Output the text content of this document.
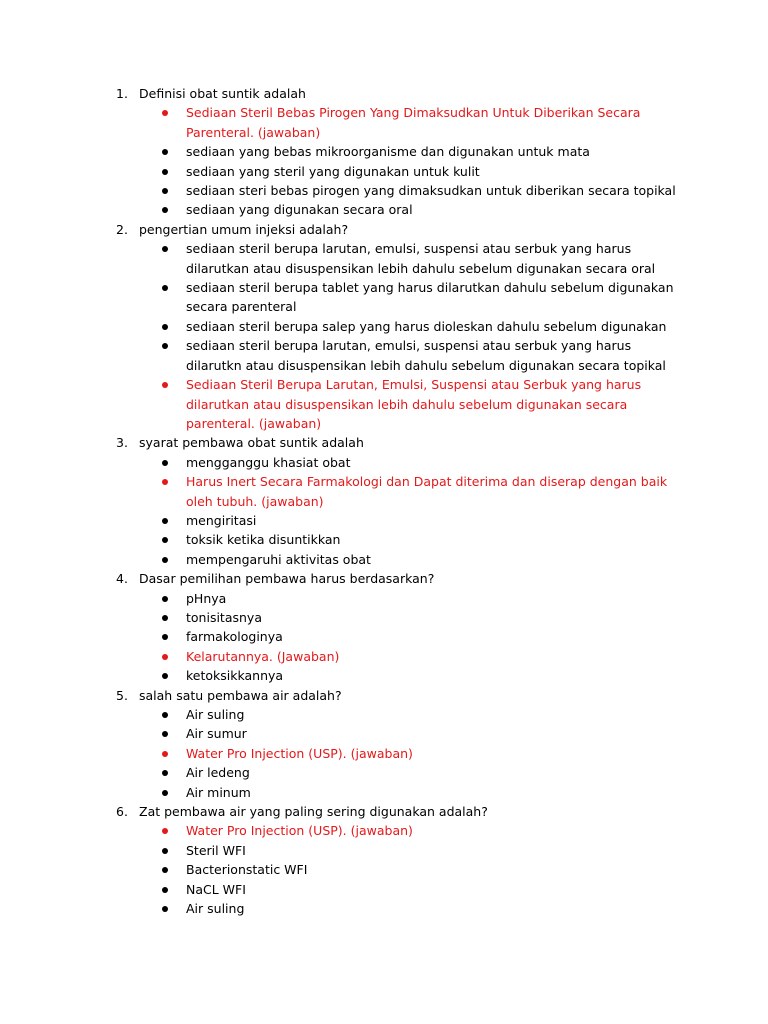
1. Definisi obat suntik adalah
Sediaan Steril Bebas Pirogen Yang Dimaksudkan Untuk Diberikan Secara Parenteral. (jawaban)
sediaan yang bebas mikroorganisme dan digunakan untuk mata
sediaan yang steril yang digunakan untuk kulit
sediaan steri bebas pirogen yang dimaksudkan untuk diberikan secara topikal
sediaan yang digunakan secara oral
2. pengertian umum injeksi adalah?
sediaan steril berupa larutan, emulsi, suspensi atau serbuk yang harus dilarutkan atau disuspensikan lebih dahulu sebelum digunakan secara oral
sediaan steril berupa tablet yang harus dilarutkan dahulu sebelum digunakan secara parenteral
sediaan steril berupa salep yang harus dioleskan dahulu sebelum digunakan
sediaan steril berupa larutan, emulsi, suspensi atau serbuk yang harus dilarutkn atau disuspensikan lebih dahulu sebelum digunakan secara topikal
Sediaan Steril Berupa Larutan, Emulsi, Suspensi atau Serbuk yang harus dilarutkan atau disuspensikan lebih dahulu sebelum digunakan secara parenteral. (jawaban)
3. syarat pembawa obat suntik adalah
mengganggu khasiat obat
Harus Inert Secara Farmakologi dan Dapat diterima dan diserap dengan baik oleh tubuh. (jawaban)
mengiritasi
toksik ketika disuntikkan
mempengaruhi aktivitas obat
4. Dasar pemilihan pembawa harus berdasarkan?
pHnya
tonisitasnya
farmakologinya
Kelarutannya. (Jawaban)
ketoksikkannya
5. salah satu pembawa air adalah?
Air suling
Air sumur
Water Pro Injection (USP). (jawaban)
Air ledeng
Air minum
6. Zat pembawa air yang paling sering digunakan adalah?
Water Pro Injection (USP). (jawaban)
Steril WFI
Bacterionstatic WFI
NaCL WFI
Air suling
